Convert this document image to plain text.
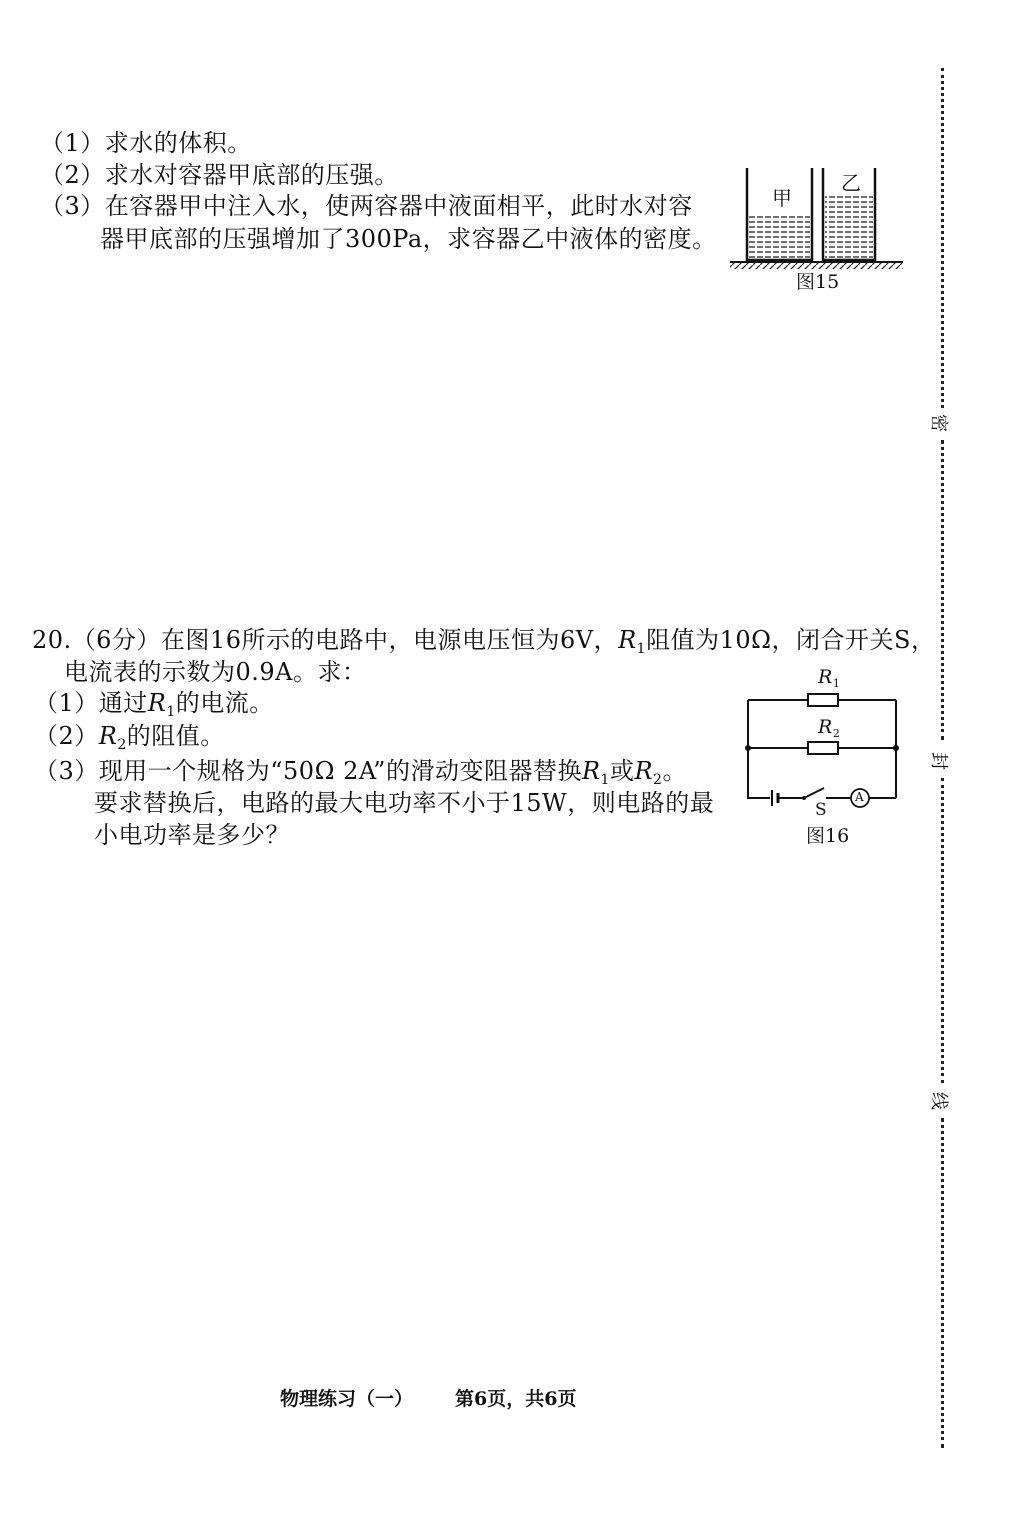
（1）求水的体积。
（2）求水对容器甲底部的压强。
（3）在容器甲中注入水，使两容器中液面相平，此时水对容
器甲底部的压强增加了300Pa，求容器乙中液体的密度。
甲
乙
图15
20.（6分）在图16所示的电路中，电源电压恒为6V，$R_1$阻值为10Ω，闭合开关S，
电流表的示数为0.9A。求：
（1）通过$R_1$的电流。
$(2)R_2$的阻值。
（3）现用一个规格为“50Ω 2A”的滑动变阻器替换$R_1$或$R_2$。
要求替换后，电路的最大电功率不小于15W，则电路的最
小电功率是多少？
$R_1$
$R_2$
S
A
图16
物理练习（一） 第6页，共6页
密
封
线
